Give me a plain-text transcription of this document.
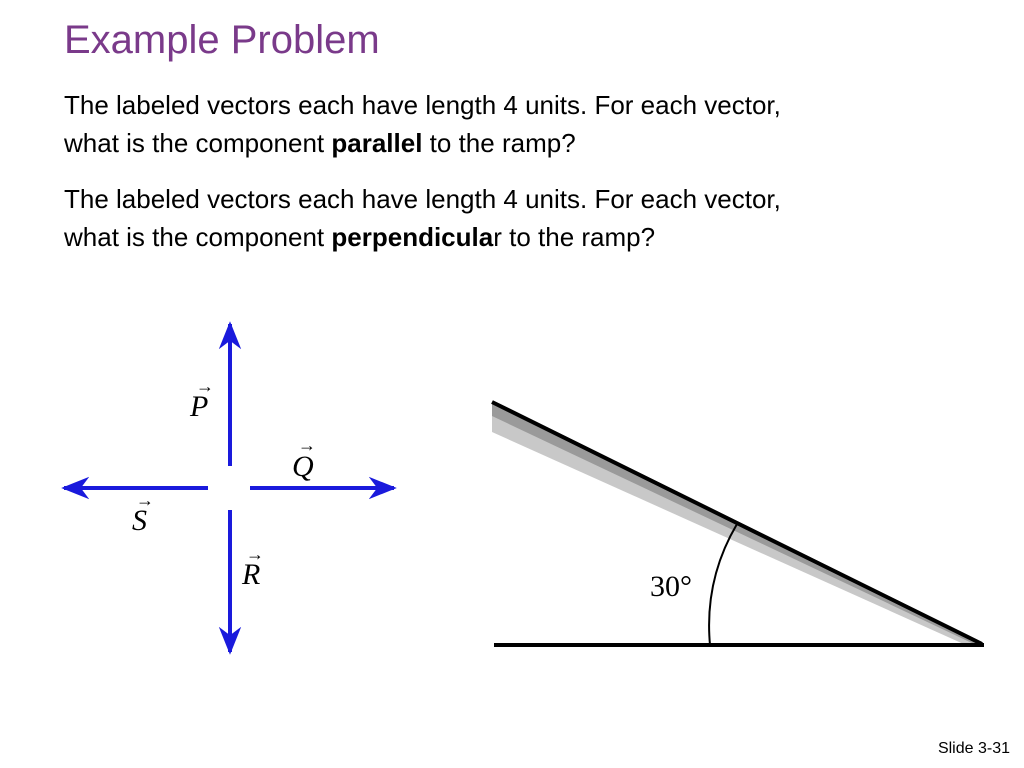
Example Problem

The labeled vectors each have length 4 units. For each vector,
what is the component parallel to the ramp?

The labeled vectors each have length 4 units. For each vector,
what is the component perpendicular to the ramp?

P
→
Q
→
S
→
R
→
30°
Slide 3-31
